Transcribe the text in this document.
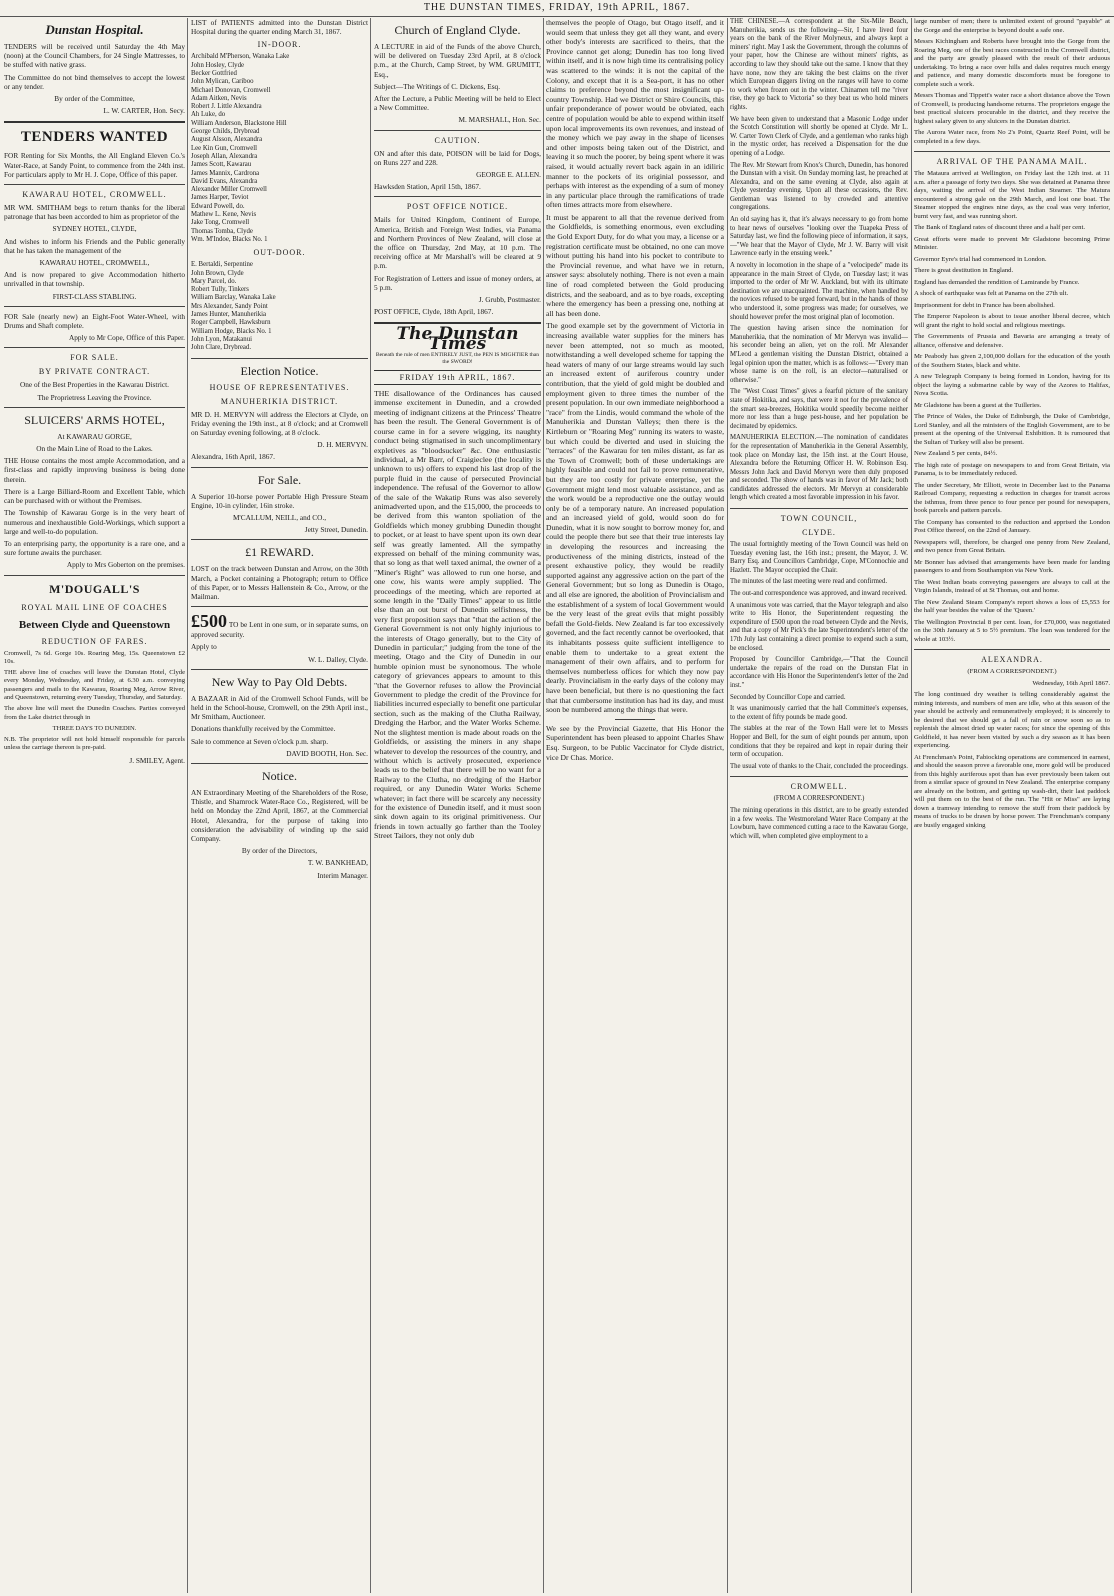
THE DUNSTAN TIMES, FRIDAY, 19th APRIL, 1867.
Dunstan Hospital.

TENDERS will be received until Saturday the 4th May (noon) at the Council Chambers, for 24 Single Mattresses, to be stuffed with native grass.

The Committee do not bind themselves to accept the lowest or any tender.

By order of the Committee,

L. W. CARTER, Hon. Secy.

TENDERS WANTED

FOR Renting for Six Months, the All England Eleven Co.'s Water-Race, at Sandy Point, to commence from the 24th inst. For particulars apply to Mr H. J. Cope, Office of this paper.

KAWARAU HOTEL, CROMWELL.

MR WM. SMITHAM begs to return thanks for the liberal patronage that has been accorded to him as proprietor of the

SYDNEY HOTEL, CLYDE,

And wishes to inform his Friends and the Public generally that he has taken the management of the

KAWARAU HOTEL, CROMWELL,

And is now prepared to give Accommodation hitherto unrivalled in that township.

FIRST-CLASS STABLING.

FOR Sale (nearly new) an Eight-Foot Water-Wheel, with Drums and Shaft complete.

Apply to Mr Cope, Office of this Paper.

FOR SALE.
BY PRIVATE CONTRACT.

One of the Best Properties in the Kawarau District.

The Proprietress Leaving the Province.

SLUICERS' ARMS HOTEL,

At KAWARAU GORGE,

On the Main Line of Road to the Lakes.

THE House contains the most ample Accommodation, and a first-class and rapidly improving business is being done therein.

There is a Large Billiard-Room and Excellent Table, which can be purchased with or without the Premises.

The Township of Kawarau Gorge is in the very heart of numerous and inexhaustible Gold-Workings, which support a large and well-to-do population.

To an enterprising party, the opportunity is a rare one, and a sure fortune awaits the purchaser.

Apply to Mrs Goberton on the premises.

M'DOUGALL'S
ROYAL MAIL LINE OF COACHES
Between Clyde and Queenstown
REDUCTION OF FARES.

Cromwell, 7s 6d. Gorge 10s. Roaring Meg, 15s. Queenstown £2 10s.

THE above line of coaches will leave the Dunstan Hotel, Clyde every Monday, Wednesday, and Friday, at 6.30 a.m. conveying passengers and mails to the Kawarau, Roaring Meg, Arrow River, and Queenstown, returning every Tuesday, Thursday, and Saturday.

The above line will meet the Dunedin Coaches. Parties conveyed from the Lake district through in

THREE DAYS TO DUNEDIN.

N.B. The proprietor will not hold himself responsible for parcels unless the carriage thereon is pre-paid.

J. SMILEY, Agent.

LIST of PATIENTS admitted into the Dunstan District Hospital during the quarter ending March 31, 1867.

IN-DOOR.
Archibald M'Pherson, Wanaka Lake
John Hosley, Clyde
Becker Gottfried
John Mylican, Cariboo
Michael Donovan, Cromwell
Adam Aitken, Nevis
Robert J. Little Alexandra
Ah Luke, do
William Anderson, Blackstone Hill
George Childs, Drybread
August Alsson, Alexandra
Lee Kin Gun, Cromwell
Joseph Allan, Alexandra
James Scott, Kawarau
James Mannix, Cardrona
David Evans, Alexandra
Alexander Miller Cromwell
James Harper, Teviot
Edward Powell, do.
Mathew L. Kene, Nevis
Jake Tong, Cromwell
Thomas Tomba, Clyde
Wm. M'Indoe, Blacks No. 1
OUT-DOOR.
E. Bertaldi, Serpentine
John Brown, Clyde
Mary Parcel, do.
Robert Tully, Tinkers
William Barclay, Wanaka Lake
Mrs Alexander, Sandy Point
James Hunter, Manuherikia
Roger Campbell, Hawksburn
William Hodge, Blacks No. 1
John Lyon, Matakanui
John Clare, Drybread.
Election Notice.
HOUSE OF REPRESENTATIVES.
MANUHERIKIA DISTRICT.

MR D. H. MERVYN will address the Electors at Clyde, on Friday evening the 19th inst., at 8 o'clock; and at Cromwell on Saturday evening following, at 8 o'clock.

D. H. MERVYN.

Alexandra, 16th April, 1867.

For Sale.

A Superior 10-horse power Portable High Pressure Steam Engine, 10-in cylinder, 16in stroke.

M'CALLUM, NEILL, and CO.,

Jetty Street, Dunedin.

£1 REWARD.

LOST on the track between Dunstan and Arrow, on the 30th March, a Pocket containing a Photograph; return to Office of this Paper, or to Messrs Hallenstein & Co., Arrow, or the Mailman.

£500 TO be Lent in one sum, or in separate sums, on approved security.

Apply to

W. L. Dalley, Clyde.

New Way to Pay Old Debts.

A BAZAAR in Aid of the Cromwell School Funds, will be held in the School-house, Cromwell, on the 29th April inst., Mr Smitham, Auctioneer.

Donations thankfully received by the Committee.

Sale to commence at Seven o'clock p.m. sharp.

DAVID BOOTH, Hon. Sec.

Notice.

AN Extraordinary Meeting of the Shareholders of the Rose, Thistle, and Shamrock Water-Race Co., Registered, will be held on Monday the 22nd April, 1867, at the Commercial Hotel, Alexandra, for the purpose of taking into consideration the advisability of winding up the said Company.

By order of the Directors,

T. W. BANKHEAD,

Interim Manager.

Church of England Clyde.

A LECTURE in aid of the Funds of the above Church, will be delivered on Tuesday 23rd April, at 8 o'clock p.m., at the Church, Camp Street, by WM. GRUMITT, Esq.,

Subject—The Writings of C. Dickens, Esq.

After the Lecture, a Public Meeting will be held to Elect a New Committee.

M. MARSHALL, Hon. Sec.

CAUTION.

ON and after this date, POISON will be laid for Dogs, on Runs 227 and 228.

GEORGE E. ALLEN.

Hawksden Station, April 15th, 1867.

POST OFFICE NOTICE.

Mails for United Kingdom, Continent of Europe, America, British and Foreign West Indies, via Panama and Northern Provinces of New Zealand, will close at the office on Thursday, 2nd May, at 10 p.m. The receiving office at Mr Marshall's will be cleared at 9 p.m.

For Registration of Letters and issue of money orders, at 5 p.m.

J. Grubb, Postmaster.

POST OFFICE, Clyde, 18th April, 1867.

The Dunstan Times
Beneath the rule of men ENTIRELY JUST, the PEN IS MIGHTIER than the SWORD!
FRIDAY 19th APRIL, 1867.

THE disallowance of the Ordinances has caused immense excitement in Dunedin, and a crowded meeting of indignant citizens at the Princess' Theatre has been the result. The General Government is of course came in for a severe wigging, its naughty conduct being stigmatised in such uncomplimentary expletives as "bloodsucker" &c. One enthusiastic individual, a Mr Barr, of Craigieclee (the locality is unknown to us) offers to expend his last drop of the purple fluid in the cause of persecuted Provincial independence. The refusal of the Governor to allow of the sale of the Wakatip Runs was also severely animadverted upon, and the £15,000, the proceeds to be derived from this wanton spoliation of the Goldfields which money grubbing Dunedin thought to pocket, or at least to have spent upon its own dear self was greatly lamented. All the sympathy expressed on behalf of the mining community was, that so long as that well taxed animal, the owner of a "Miner's Right" was allowed to run one horse, and one cow, his wants were amply supplied. The proceedings of the meeting, which are reported at some length in the "Daily Times" appear to us little else than an out burst of Dunedin selfishness, the very first proposition says that "that the action of the General Government is not only highly injurious to the interests of Otago generally, but to the City of Dunedin in particular;" judging from the tone of the meeting, Otago and the City of Dunedin in our humble opinion must be synonomous. The whole category of grievances appears to amount to this "that the Governor refuses to allow the Provincial Government to pledge the credit of the Province for liabilities incurred especially to benefit one particular section, such as the making of the Clutha Railway, Dredging the Harbor, and the Water Works Scheme. Not the slightest mention is made about roads on the Goldfields, or assisting the miners in any shape whatever to develop the resources of the country, and without which is actively prosecuted, experience leads us to the belief that there will be no want for a Railway to the Clutha, no dredging of the Harbor required, or any Dunedin Water Works Scheme whatever; in fact there will be scarcely any necessity for the existence of Dunedin itself, and it must soon sink down again to its original primitiveness. Our friends in town actually go farther than the Tooley Street Tailors, they not only dub

themselves the people of Otago, but Otago itself, and it would seem that unless they get all they want, and every other body's interests are sacrificed to theirs, that the Province cannot get along; Dunedin has too long lived within itself, and it is now high time its centralising policy was scattered to the winds: it is not the capital of the Colony, and except that it is a Sea-port, it has no other claims to preference beyond the most insignificant up-country Township. Had we District or Shire Councils, this unfair preponderance of power would be obviated, each centre of population would be able to expend within itself upon local improvements its own revenues, and instead of the money which we pay away in the shape of licenses and other imposts being taken out of the District, and leaving it so much the poorer, by being spent where it was raised, it would actually revert back again in an idiliric manner to the pockets of its originial possessor, and perhaps with interest as the expending of a sum of money in any particular place through the ramifications of trade often times attracts more from elsewhere.

It must be apparent to all that the revenue derived from the Goldfields, is something enormous, even excluding the Gold Export Duty, for do what you may, a license or a registration certificate must be obtained, no one can move without putting his hand into his pocket to contribute to the Provincial revenue, and what have we in return, answer says: absolutely nothing. There is not even a main line of road completed between the Gold producing districts, and the seaboard, and as to bye roads, excepting where the emergency has been a pressing one, nothing at all has been done.

The good example set by the government of Victoria in increasing available water supplies for the miners has never been attempted, not so much as mooted, notwithstanding a well developed scheme for tapping the head waters of many of our large streams would lay such an increased extent of auriferous country under contribution, that the yield of gold might be doubled and employment given to three times the number of the present population. In our own immediate neighborhood a "race" from the Lindis, would command the whole of the Manuherikia and Dunstan Valleys; then there is the Kirtleburn or "Roaring Meg" running its waters to waste, but which could be diverted and used in sluicing the "terraces" of the Kawarau for ten miles distant, as far as the Town of Cromwell; both of these undertakings are highly feasible and could not fail to prove remunerative, but they are too costly for private enterprise, yet the Government might lend most valuable assistance, and as the work would be a reproductive one the outlay would only be of a temporary nature. An increased population and an increased yield of gold, would soon do for Dunedin, what it is now sought to borrow money for, and could the people there but see that their true interests lay in developing the resources and increasing the productiveness of the mining districts, instead of the present exhaustive policy, they would be readily supported against any aggressive action on the part of the General Government; but so long as Dunedin is Otago, and all else are ignored, the abolition of Provincialism and the establishment of a system of local Government would be the very least of the great evils that might possibly befall the Gold-fields. New Zealand is far too excessively governed, and the fact recently cannot be overlooked, that its inhabitants possess quite sufficient intelligence to enable them to undertake to a great extent the management of their own affairs, and to perform for themselves numberless offices for which they now pay dearly. Provincialism in the early days of the colony may have been beneficial, but there is no questioning the fact that that cumbersome institution has had its day, and must soon be numbered among the things that were.

We see by the Provincial Gazette, that His Honor the Superintendent has been pleased to appoint Charles Shaw Esq. Surgeon, to be Public Vaccinator for Clyde district, vice Dr Chas. Morice.

THE CHINESE.—A correspondent at the Six-Mile Beach, Manuherikia, sends us the following—Sir, I have lived four years on the bank of the River Molyneux, and always kept a miners' right. May I ask the Government, through the columns of your paper, how the Chinese are without miners' rights, as according to law they should take out the same. I know that they have none, now they are taking the best claims on the river which European diggers living on the ranges will have to come to work when frozen out in the winter. Chinamen tell me "river rise, they go back to Victoria" so they beat us who hold miners rights.

We have been given to understand that a Masonic Lodge under the Scotch Constitution will shortly be opened at Clyde. Mr L. W. Carter Town Clerk of Clyde, and a gentleman who ranks high in the mystic order, has received a Dispensation for the due opening of a Lodge.

The Rev. Mr Stewart from Knox's Church, Dunedin, has honored the Dunstan with a visit. On Sunday morning last, he preached at Alexandra, and on the same evening at Clyde, also again at Clyde yesterday evening. Upon all these occasions, the Rev. Gentleman was listened to by crowded and attentive congregations.

An old saying has it, that it's always necessary to go from home to hear news of ourselves "looking over the Tuapeka Press of Saturday last, we find the following piece of information, it says,—"We hear that the Mayor of Clyde, Mr J. W. Barry will visit Lawrence early in the ensuing week."

A novelty in locomotion in the shape of a "velocipede" made its appearance in the main Street of Clyde, on Tuesday last; it was imported to the order of Mr W. Auckland, but with its ultimate destination we are unacquainted. The machine, when handled by the novices refused to be urged forward, but in the hands of those who understood it, some progress was made; for ourselves, we should however prefer the most original plan of locomotion.

The question having arisen since the nomination for Manuherikia, that the nomination of Mr Mervyn was invalid—his seconder being an alien, yet on the roll. Mr Alexander M'Leod a gentleman visiting the Dunstan District, obtained a legal opinion upon the matter, which is as follows:—"Every man whose name is on the roll, is an elector—naturalised or otherwise."

The "West Coast Times" gives a fearful picture of the sanitary state of Hokitika, and says, that were it not for the prevalence of the smart sea-breezes, Hokitika would speedily become neither more nor less than a huge pest-house, and her population be decimated by epidemics.

MANUHERIKIA ELECTION.—The nomination of candidates for the representation of Manuherikia in the General Assembly, took place on Monday last, the 15th inst. at the Court House, Alexandra before the Returning Officer H. W. Robinson Esq. Messrs John Jack and David Mervyn were then duly proposed and seconded. The show of hands was in favor of Mr Jack; both candidates addressed the electors. Mr Mervyn at considerable length which created a most favorable impression in his favor.

TOWN COUNCIL,
CLYDE.

The usual fortnightly meeting of the Town Council was held on Tuesday evening last, the 16th inst.; present, the Mayor, J. W. Barry Esq. and Councillors Cambridge, Cope, M'Connochie and Hazlett. The Mayor occupied the Chair.

The minutes of the last meeting were read and confirmed.

The out-and correspondence was approved, and inward received.

A unanimous vote was carried, that the Mayor telegraph and also write to His Honor, the Superintendent requesting the expenditure of £500 upon the road between Clyde and the Nevis, and that a copy of Mr Pick's the late Superintendent's letter of the 17th July last containing a direct promise to expend such a sum, be enclosed.

Proposed by Councillor Cambridge,—"That the Council undertake the repairs of the road on the Dunstan Flat in accordance with His Honor the Superintendent's letter of the 2nd inst."

Seconded by Councillor Cope and carried.

It was unanimously carried that the hall Committee's expenses, to the extent of fifty pounds be made good.

The stables at the rear of the Town Hall were let to Messrs Hopper and Bell, for the sum of eight pounds per annum, upon conditions that they be repaired and kept in repair during their term of occupation.

The usual vote of thanks to the Chair, concluded the proceedings.

CROMWELL.

(FROM A CORRESPONDENT.)

The mining operations in this district, are to be greatly extended in a few weeks. The Westmoreland Water Race Company at the Lowburn, have commenced cutting a race to the Kawarau Gorge, which will, when completed give employment to a

large number of men; there is unlimited extent of ground "payable" at the Gorge and the enterprise is beyond doubt a safe one.

Messrs Kichingham and Roberts have brought into the Gorge from the Roaring Meg, one of the best races constructed in the Cromwell district, and the party are greatly pleased with the result of their arduous undertaking. To bring a race over hills and dales requires much energy and patience, and many domestic discomforts must be foregone to complete such a work.

Messrs Thomas and Tippett's water race a short distance above the Town of Cromwell, is producing handsome returns. The proprietors engage the best practical sluicers procurable in the district, and they receive the highest salary given to any sluicers in the Dunstan district.

The Aurora Water race, from No 2's Point, Quartz Reef Point, will be completed in a few days.

ARRIVAL OF THE PANAMA MAIL.

The Mataura arrived at Wellington, on Friday last the 12th inst. at 11 a.m. after a passage of forty two days. She was detained at Panama three days, waiting the arrival of the West Indian Steamer. The Matura encountered a strong gale on the 29th March, and lost one boat. The Steamer stopped the engines nine days, as the coal was very inferior, burnt very fast, and was running short.

The Bank of England rates of discount three and a half per cent.

Great efforts were made to prevent Mr Gladstone becoming Prime Minister.

Governor Eyre's trial had commenced in London.

There is great destitution in England.

England has demanded the rendition of Lamirande by France.

A shock of earthquake was felt at Panama on the 27th ult.

Imprisonment for debt in France has been abolished.

The Emperor Napoleon is about to issue another liberal decree, which will grant the right to hold social and religious meetings.

The Governments of Prussia and Bavaria are arranging a treaty of alliance, offensive and defensive.

Mr Peabody has given 2,100,000 dollars for the education of the youth of the Southern States, black and white.

A new Telegraph Company is being formed in London, having for its object the laying a submarine cable by way of the Azores to Halifax, Nova Scotia.

Mr Gladstone has been a guest at the Tuilleries.

The Prince of Wales, the Duke of Edinburgh, the Duke of Cambridge, Lord Stanley, and all the ministers of the English Government, are to be present at the opening of the Universal Exhibition. It is rumoured that the Sultan of Turkey will also be present.

New Zealand 5 per cents, 84½.

The high rate of postage on newspapers to and from Great Britain, via Panama, is to be immediately reduced.

The under Secretary, Mr Elliott, wrote in December last to the Panama Railroad Company, requesting a reduction in charges for transit across the isthmus, from three pence to four pence per pound for newspapers, book parcels and pattern parcels.

The Company has consented to the reduction and apprised the London Post Office thereof, on the 22nd of January.

Newspapers will, therefore, be charged one penny from New Zealand, and two pence from Great Britain.

Mr Bonner has advised that arrangements have been made for landing passengers to and from Southampton via New York.

The West Indian boats conveying passengers are always to call at the Virgin Islands, instead of at St Thomas, out and home.

The New Zealand Steam Company's report shows a loss of £5,553 for the half year besides the value of the 'Queen.'

The Wellington Provincial 8 per cent. loan, for £70,000, was negotiated on the 30th January at 5 to 5½ premium. The loan was tendered for the whole at 103½.

ALEXANDRA.

(FROM A CORRESPONDENT.)

Wednesday, 16th April 1867.

The long continued dry weather is telling considerably against the mining interests, and numbers of men are idle, who at this season of the year should be actively and remuneratively employed; it is sincerely to be desired that we should get a fall of rain or snow soon so as to replenish the almost dried up water races; for since the opening of this Goldfield, it has never been visited by such a dry season as it has been experiencing.

At Frenchman's Point, Fabiocking operations are commenced in earnest, and should the season prove a favorable one, more gold will be produced from this highly auriferous spot than has ever previously been taken out from a similar space of ground in New Zealand. The enterprise company are already on the bottom, and getting up wash-dirt, their last paddock will put them on to the best of the run. The "Hit or Miss" are laying down a tramway intending to remove the stuff from their paddock by means of trucks to be drawn by horse power. The Frenchman's company are busily engaged sinking
